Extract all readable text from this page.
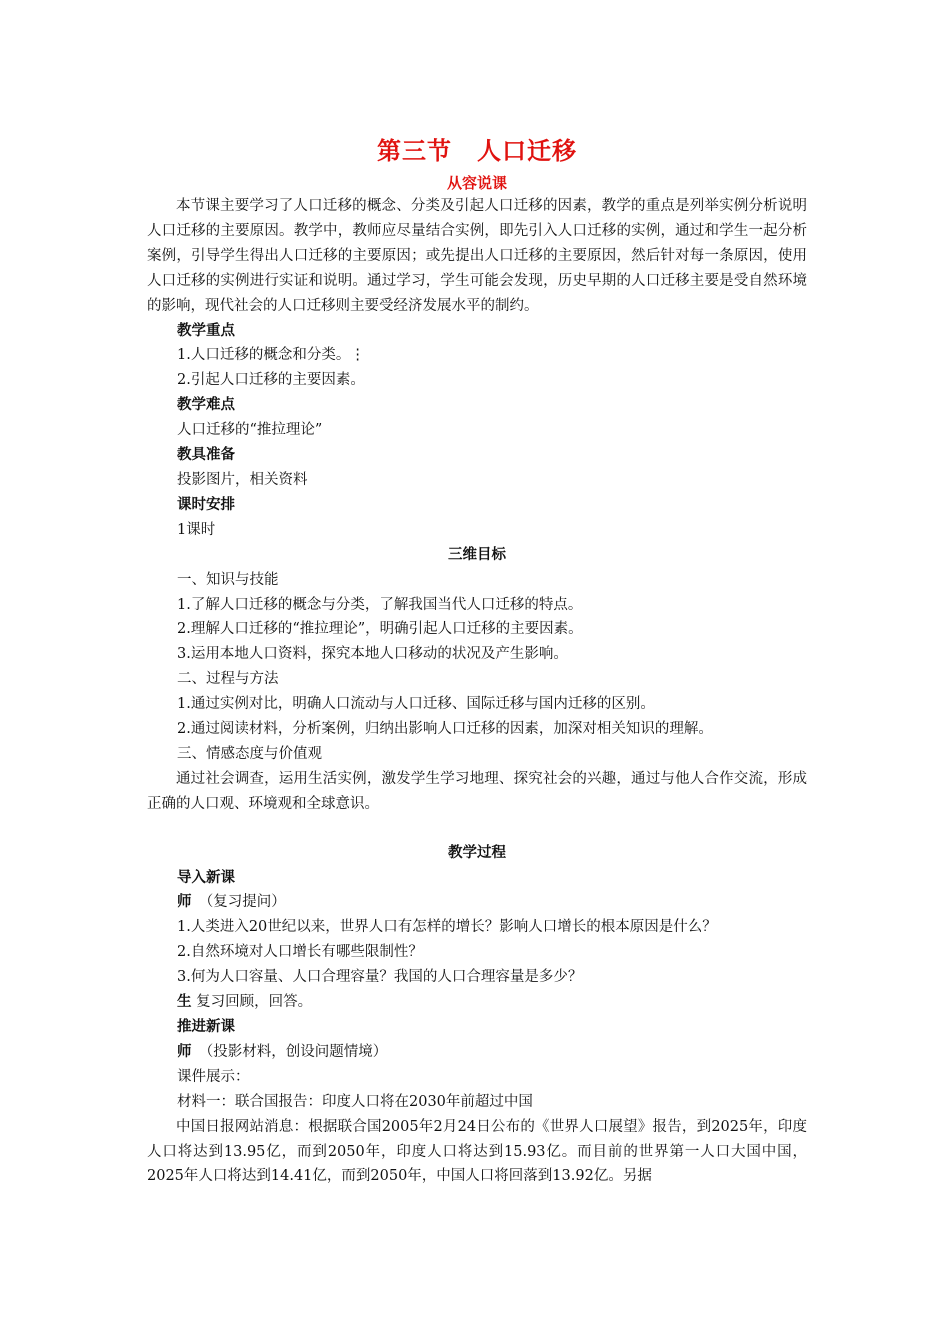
第三节　人口迁移
从容说课

本节课主要学习了人口迁移的概念、分类及引起人口迁移的因素，教学的重点是列举实例分析说明人口迁移的主要原因。教学中，教师应尽量结合实例，即先引入人口迁移的实例，通过和学生一起分析案例，引导学生得出人口迁移的主要原因；或先提出人口迁移的主要原因，然后针对每一条原因，使用人口迁移的实例进行实证和说明。通过学习，学生可能会发现，历史早期的人口迁移主要是受自然环境的影响，现代社会的人口迁移则主要受经济发展水平的制约。

教学重点

1.人口迁移的概念和分类。⋮

2.引起人口迁移的主要因素。

教学难点

人口迁移的“推拉理论”

教具准备

投影图片，相关资料

课时安排

1课时

三维目标

一、知识与技能

1.了解人口迁移的概念与分类，了解我国当代人口迁移的特点。

2.理解人口迁移的“推拉理论”，明确引起人口迁移的主要因素。

3.运用本地人口资料，探究本地人口移动的状况及产生影响。

二、过程与方法

1.通过实例对比，明确人口流动与人口迁移、国际迁移与国内迁移的区别。

2.通过阅读材料，分析案例，归纳出影响人口迁移的因素，加深对相关知识的理解。

三、情感态度与价值观

通过社会调查，运用生活实例，激发学生学习地理、探究社会的兴趣，通过与他人合作交流，形成正确的人口观、环境观和全球意识。

教学过程

导入新课

师　 （复习提问）

1.人类进入20世纪以来，世界人口有怎样的增长？影响人口增长的根本原因是什么？

2.自然环境对人口增长有哪些限制性？

3.何为人口容量、人口合理容量？我国的人口合理容量是多少？

生 复习回顾，回答。

推进新课

师　 （投影材料，创设问题情境）

课件展示：

材料一：联合国报告：印度人口将在2030年前超过中国

中国日报网站消息：根据联合国2005年2月24日公布的《世界人口展望》报告，到2025年，印度人口将达到13.95亿，而到2050年，印度人口将达到15.93亿。而目前的世界第一人口大国中国，2025年人口将达到14.41亿，而到2050年，中国人口将回落到13.92亿。另据
